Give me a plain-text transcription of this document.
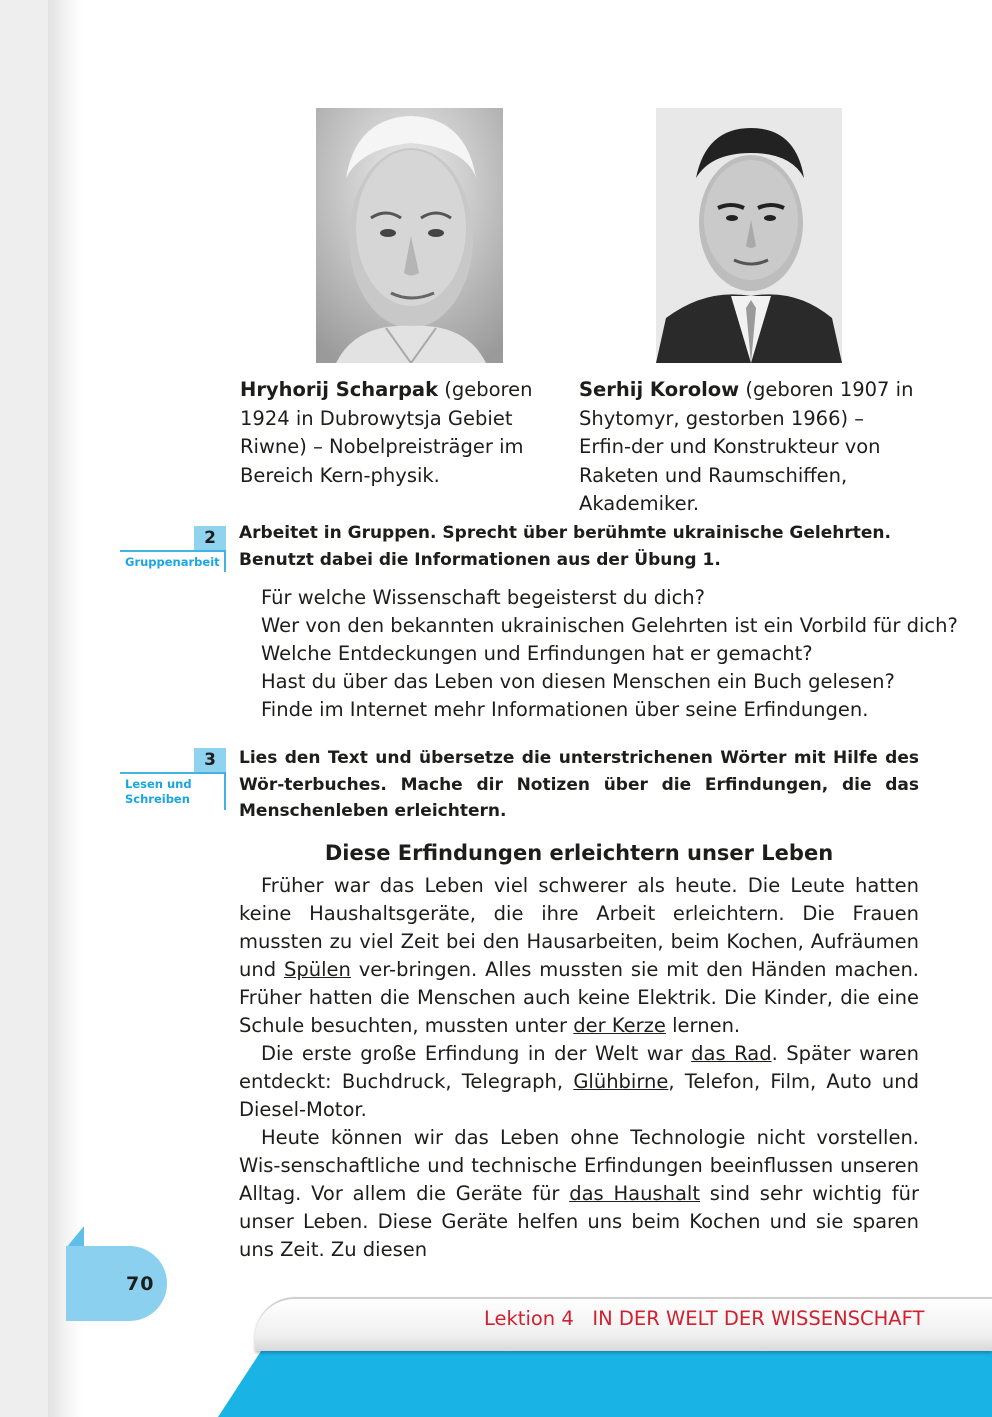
Hryhorij Scharpak (geboren 1924 in Dubrowytsja Gebiet Riwne) – Nobelpreisträger im Bereich Kern-physik.
Serhij Korolow (geboren 1907 in Shytomyr, gestorben 1966) – Erfin-der und Konstrukteur von Raketen und Raumschiffen, Akademiker.
2
Gruppenarbeit
Arbeitet in Gruppen. Sprecht über berühmte ukrainische Gelehrten. Benutzt dabei die Informationen aus der Übung 1.
Für welche Wissenschaft begeisterst du dich?
Wer von den bekannten ukrainischen Gelehrten ist ein Vorbild für dich?
Welche Entdeckungen und Erfindungen hat er gemacht?
Hast du über das Leben von diesen Menschen ein Buch gelesen?
Finde im Internet mehr Informationen über seine Erfindungen.
3
Lesen und
Schreiben
Lies den Text und übersetze die unterstrichenen Wörter mit Hilfe des Wör-terbuches. Mache dir Notizen über die Erfindungen, die das Menschenleben erleichtern.
Diese Erfindungen erleichtern unser Leben

Früher war das Leben viel schwerer als heute. Die Leute hatten keine Haushaltsgeräte, die ihre Arbeit erleichtern. Die Frauen mussten zu viel Zeit bei den Hausarbeiten, beim Kochen, Aufräumen und Spülen ver-bringen. Alles mussten sie mit den Händen machen. Früher hatten die Menschen auch keine Elektrik. Die Kinder, die eine Schule besuchten, mussten unter der Kerze lernen.

Die erste große Erfindung in der Welt war das Rad. Später waren entdeckt: Buchdruck, Telegraph, Glühbirne, Telefon, Film, Auto und Diesel-Motor.

Heute können wir das Leben ohne Technologie nicht vorstellen. Wis-senschaftliche und technische Erfindungen beeinflussen unseren Alltag. Vor allem die Geräte für das Haushalt sind sehr wichtig für unser Leben. Diese Geräte helfen uns beim Kochen und sie sparen uns Zeit. Zu diesen

70
Lektion 4   IN DER WELT DER WISSENSCHAFT
